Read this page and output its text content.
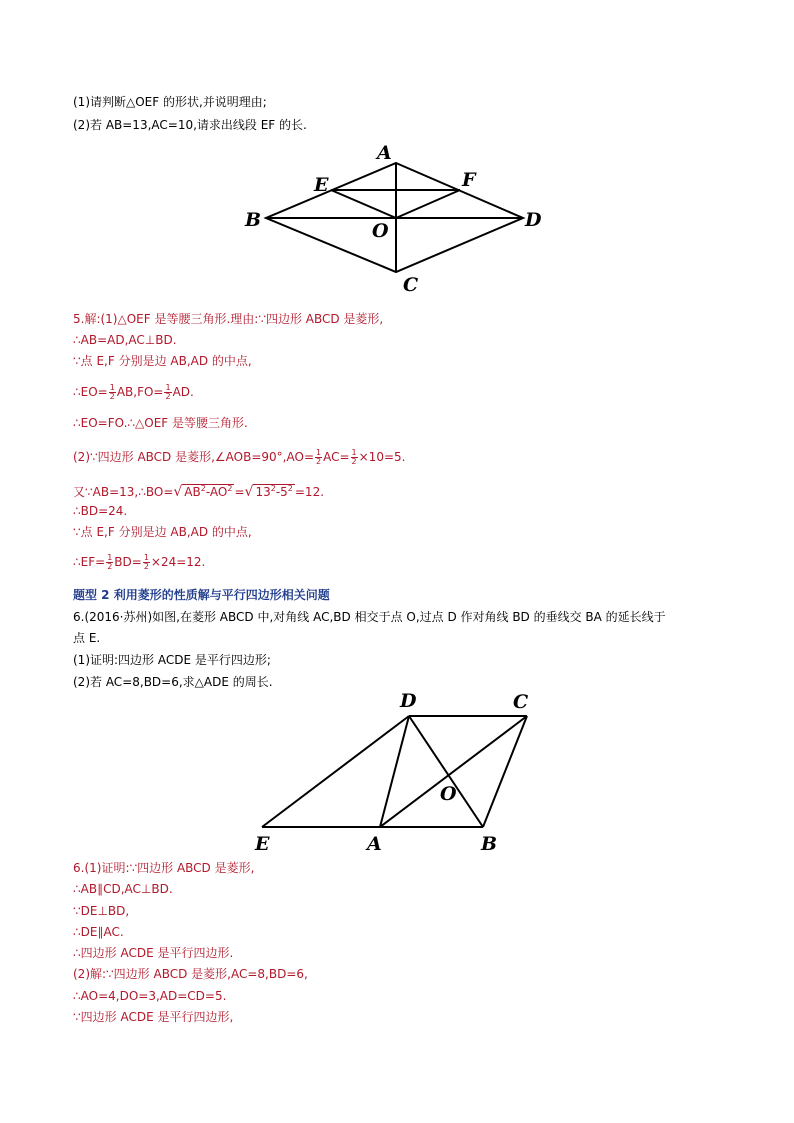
(1)请判断△OEF 的形状,并说明理由;
(2)若 AB=13,AC=10,请求出线段 EF 的长.
A
E	F
B	D
O
C
5.解:(1)△OEF 是等腰三角形.理由:∵四边形 ABCD 是菱形,
∴AB=AD,AC⊥BD.
∵点 E,F 分别是边 AB,AD 的中点,
∴EO= $\frac{1}{2} AB,FO= \frac{1}{2}$ AD.
∴EO=FO.∴△OEF 是等腰三角形.
(2)∵四边形 ABCD 是菱形,∠AOB=90°,AO= $\frac{1}{2} AC= \frac{1}{2} \times 10=5$.
又∵AB=13,∴BO=√ $AB^2-AO^2$ =√ $13^2-5^2 =12$.
∴BD=24.
∵点 E,F 分别是边 AB,AD 的中点,
∴EF= $\frac{1}{2} BD= \frac{1}{2} \times 24=12$.
题型 2 利用菱形的性质解与平行四边形相关问题
6.(2016·苏州)如图,在菱形 ABCD 中,对角线 AC,BD 相交于点 O,过点 D 作对角线 BD 的垂线交 BA 的延长线于
点 E.
(1)证明:四边形 ACDE 是平行四边形;
(2)若 AC=8,BD=6,求△ADE 的周长.
D	C
O
E	A	B
6.(1)证明:∵四边形 ABCD 是菱形,
∴AB∥CD,AC⊥BD.
∵DE⊥BD,
∴DE∥AC.
∴四边形 ACDE 是平行四边形.
(2)解:∵四边形 ABCD 是菱形,AC=8,BD=6,
∴AO=4,DO=3,AD=CD=5.
∵四边形 ACDE 是平行四边形,
